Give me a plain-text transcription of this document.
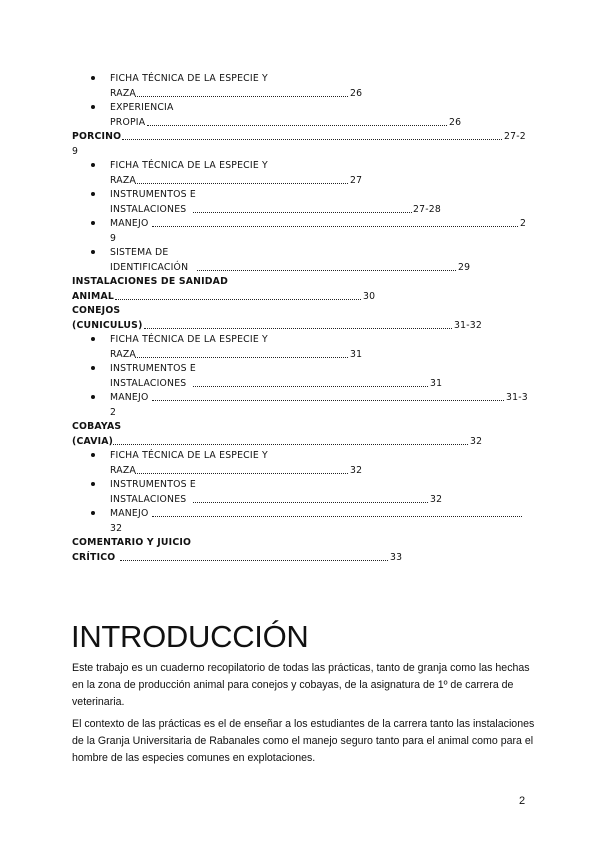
FICHA TÉCNICA DE LA ESPECIE Y
RAZA	26
EXPERIENCIA
PROPIA	26
PORCINO	27-2
9
FICHA TÉCNICA DE LA ESPECIE Y
RAZA	27
INSTRUMENTOS E
INSTALACIONES	27-28
MANEJO	2
9
SISTEMA DE
IDENTIFICACIÓN	29
INSTALACIONES DE SANIDAD
ANIMAL	30
CONEJOS
(CUNICULUS)	31-32
FICHA TÉCNICA DE LA ESPECIE Y
RAZA	31
INSTRUMENTOS E
INSTALACIONES	31
MANEJO	31-3
2
COBAYAS
(CAVIA)	32
FICHA TÉCNICA DE LA ESPECIE Y
RAZA	32
INSTRUMENTOS E
INSTALACIONES	32
MANEJO
32
COMENTARIO Y JUICIO
CRÍTICO	33
INTRODUCCIÓN

Este trabajo es un cuaderno recopilatorio de todas las prácticas, tanto de granja como las hechas en la zona de producción animal para conejos y cobayas, de la asignatura de 1º de carrera de veterinaria.

El contexto de las prácticas es el de enseñar a los estudiantes de la carrera tanto las instalaciones de la Granja Universitaria de Rabanales como el manejo seguro tanto para el animal como para el hombre de las especies comunes en explotaciones.

2
